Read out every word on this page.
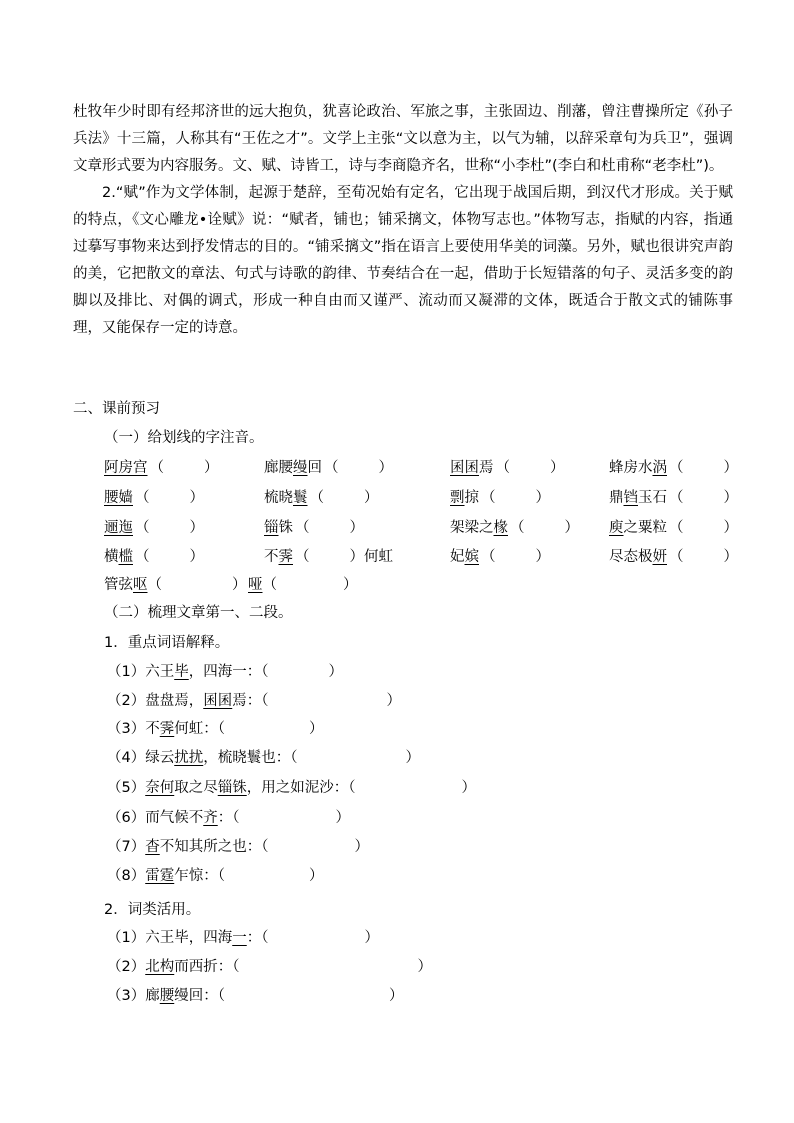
杜牧年少时即有经邦济世的远大抱负，犹喜论政治、军旅之事，主张固边、削藩，曾注曹操所定《孙子兵法》十三篇，人称其有“王佐之才”。文学上主张“文以意为主，以气为辅，以辞采章句为兵卫”，强调文章形式要为内容服务。文、赋、诗皆工，诗与李商隐齐名，世称“小李杜”(李白和杜甫称“老李杜”)。

2.“赋”作为文学体制，起源于楚辞，至荀况始有定名，它出现于战国后期，到汉代才形成。关于赋的特点，《文心雕龙•诠赋》说：“赋者，铺也；铺采摛文，体物写志也。”体物写志，指赋的内容，指通过摹写事物来达到抒发情志的目的。“铺采摛文”指在语言上要使用华美的词藻。另外，赋也很讲究声韵的美，它把散文的章法、句式与诗歌的韵律、节奏结合在一起，借助于长短错落的句子、灵活多变的韵脚以及排比、对偶的调式，形成一种自由而又谨严、流动而又凝滞的文体，既适合于散文式的铺陈事理，又能保存一定的诗意。

二、课前预习
（一）给划线的字注音。
阿房宫 （	）	廊腰缦回 （	）	囷囷焉 （	）	蜂房水涡 （	）
腰嫱 （	）	梳晓鬟 （	）	剽掠 （	）	鼎铛玉石 （	）
逦迤 （	）	锱铢 （	）	架梁之椽 （	） 庾之粟粒 （	）
横槛 （	）	不霁 （	）何虹	妃嫔 （	）	尽态极妍 （	）
管弦呕（	） 哑（	）
（二）梳理文章第一、二段。
1．重点词语解释。
（1）六王毕，四海一：（	）
（2）盘盘焉，囷囷焉：（	）
（3）不霁何虹：（	）
（4）绿云扰扰，梳晓鬟也：（	）
（5）奈何取之尽锱铢，用之如泥沙：（	）
（6）而气候不齐：（	）
（7）杳不知其所之也：（	）
（8）雷霆乍惊：（	）
2．词类活用。
（1）六王毕，四海一：（	）
（2）北构而西折：（	）
（3）廊腰缦回：（	）
